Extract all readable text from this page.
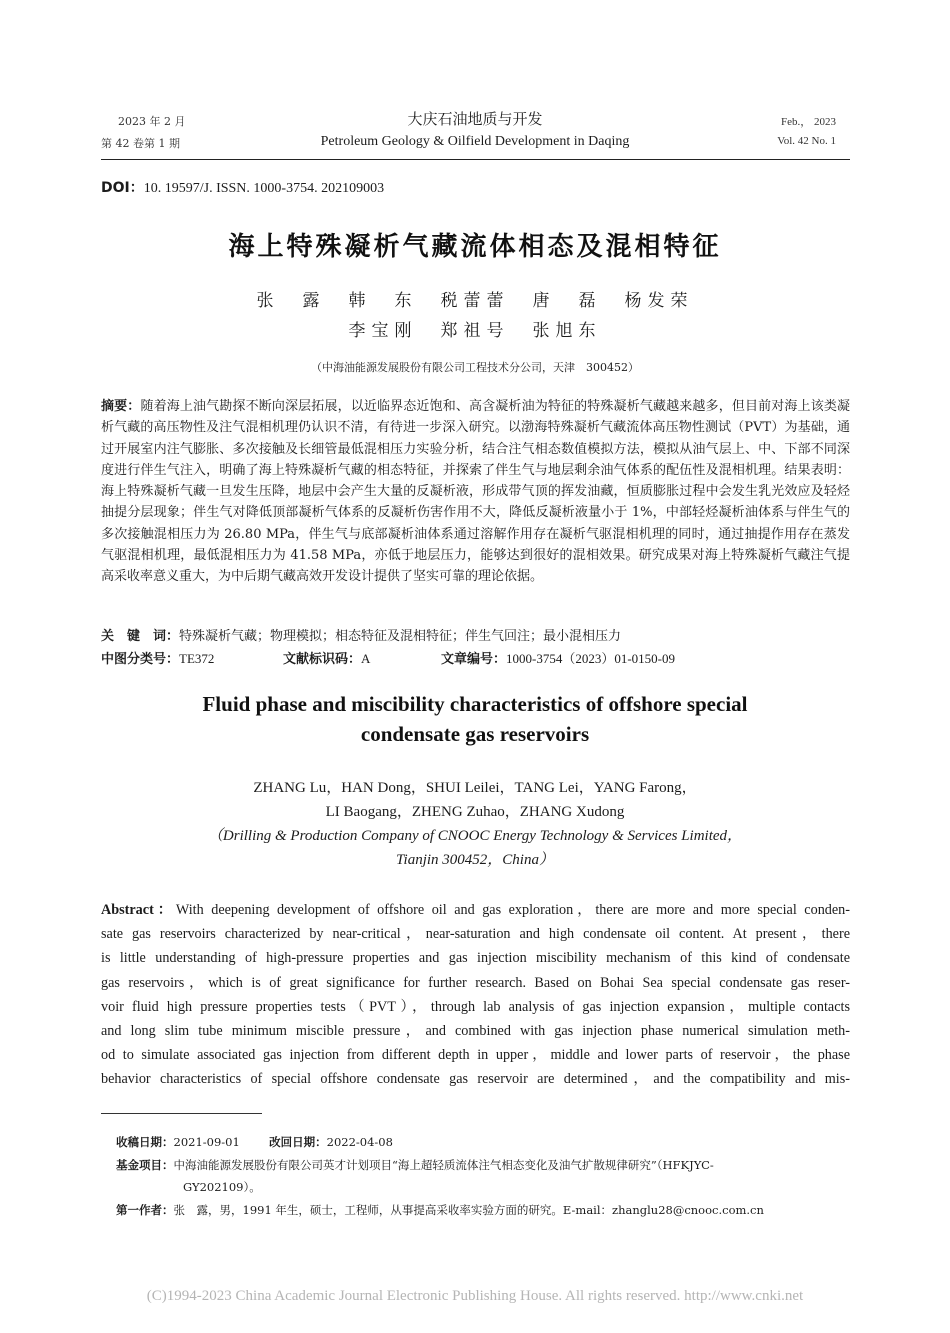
2023 年 2 月
第 42 卷第 1 期
大庆石油地质与开发
Petroleum Geology & Oilfield Development in Daqing
Feb.， 2023
Vol. 42 No. 1
DOI：10. 19597/J. ISSN. 1000-3754. 202109003
海上特殊凝析气藏流体相态及混相特征
张　露　韩　东　税蕾蕾　唐　磊　杨发荣
李宝刚　郑祖号　张旭东
（中海油能源发展股份有限公司工程技术分公司，天津　300452）
摘要：随着海上油气勘探不断向深层拓展，以近临界态近饱和、高含凝析油为特征的特殊凝析气藏越来越多，但目前对海上该类凝析气藏的高压物性及注气混相机理仍认识不清，有待进一步深入研究。以渤海特殊凝析气藏流体高压物性测试（PVT）为基础，通过开展室内注气膨胀、多次接触及长细管最低混相压力实验分析，结合注气相态数值模拟方法，模拟从油气层上、中、下部不同深度进行伴生气注入，明确了海上特殊凝析气藏的相态特征，并探索了伴生气与地层剩余油气体系的配伍性及混相机理。结果表明：海上特殊凝析气藏一旦发生压降，地层中会产生大量的反凝析液，形成带气顶的挥发油藏，恒质膨胀过程中会发生乳光效应及轻烃抽提分层现象；伴生气对降低顶部凝析气体系的反凝析伤害作用不大，降低反凝析液量小于 1%，中部轻烃凝析油体系与伴生气的多次接触混相压力为 26.80 MPa，伴生气与底部凝析油体系通过溶解作用存在凝析气驱混相机理的同时，通过抽提作用存在蒸发气驱混相机理，最低混相压力为 41.58 MPa，亦低于地层压力，能够达到很好的混相效果。研究成果对海上特殊凝析气藏注气提高采收率意义重大，为中后期气藏高效开发设计提供了坚实可靠的理论依据。
关　键　词：特殊凝析气藏；物理模拟；相态特征及混相特征；伴生气回注；最小混相压力
中图分类号：TE372	文献标识码：A	文章编号：1000-3754（2023）01-0150-09
Fluid phase and miscibility characteristics of offshore special
condensate gas reservoirs
ZHANG Lu，HAN Dong，SHUI Leilei，TANG Lei，YANG Farong，
LI Baogang，ZHENG Zuhao，ZHANG Xudong
（Drilling & Production Company of CNOOC Energy Technology & Services Limited，
Tianjin 300452，China）
Abstract：With deepening development of offshore oil and gas exploration，there are more and more special conden-
sate gas reservoirs characterized by near-critical，near-saturation and high condensate oil content. At present，there
is little understanding of high-pressure properties and gas injection miscibility mechanism of this kind of condensate
gas reservoirs，which is of great significance for further research. Based on Bohai Sea special condensate gas reser-
voir fluid high pressure properties tests（PVT），through lab analysis of gas injection expansion，multiple contacts
and long slim tube minimum miscible pressure，and combined with gas injection phase numerical simulation meth-
od to simulate associated gas injection from different depth in upper，middle and lower parts of reservoir，the phase
behavior characteristics of special offshore condensate gas reservoir are determined，and the compatibility and mis-
收稿日期：2021-09-01	改回日期：2022-04-08
基金项目：中海油能源发展股份有限公司英才计划项目“海上超轻质流体注气相态变化及油气扩散规律研究”（HFKJYC-
GY202109）。
第一作者：张　露，男，1991 年生，硕士，工程师，从事提高采收率实验方面的研究。E-mail：zhanglu28@cnooc.com.cn
(C)1994-2023 China Academic Journal Electronic Publishing House. All rights reserved. http://www.cnki.net
